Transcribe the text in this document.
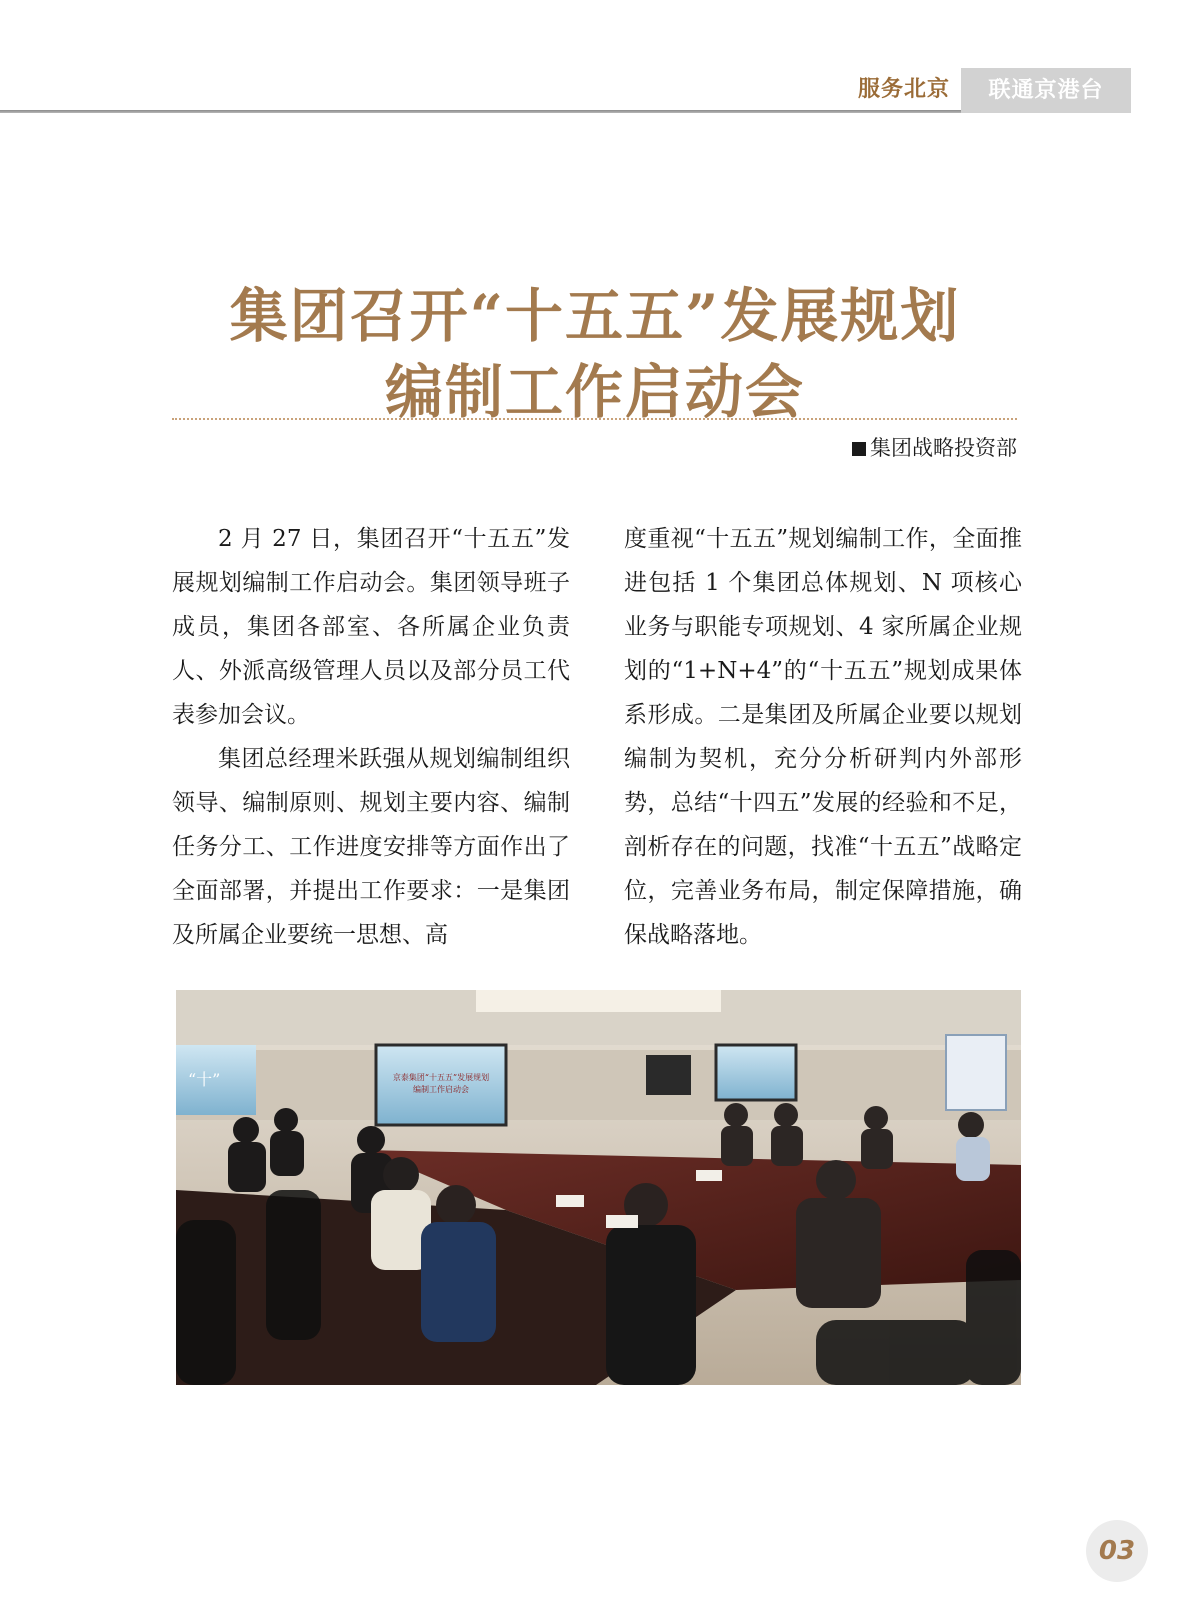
服务北京	联通京港台
集团召开“十五五”发展规划
编制工作启动会
集团战略投资部

2 月 27 日，集团召开“十五五”发展规划编制工作启动会。集团领导班子成员，集团各部室、各所属企业负责人、外派高级管理人员以及部分员工代表参加会议。

集团总经理米跃强从规划编制组织领导、编制原则、规划主要内容、编制任务分工、工作进度安排等方面作出了全面部署，并提出工作要求：一是集团及所属企业要统一思想、高

度重视“十五五”规划编制工作，全面推进包括 1 个集团总体规划、N 项核心业务与职能专项规划、4 家所属企业规划的“1+N+4”的“十五五”规划成果体系形成。二是集团及所属企业要以规划编制为契机，充分分析研判内外部形势，总结“十四五”发展的经验和不足，剖析存在的问题，找准“十五五”战略定位，完善业务布局，制定保障措施，确保战略落地。

“十”	京泰集团“十五五”发展规划
编制工作启动会
03
